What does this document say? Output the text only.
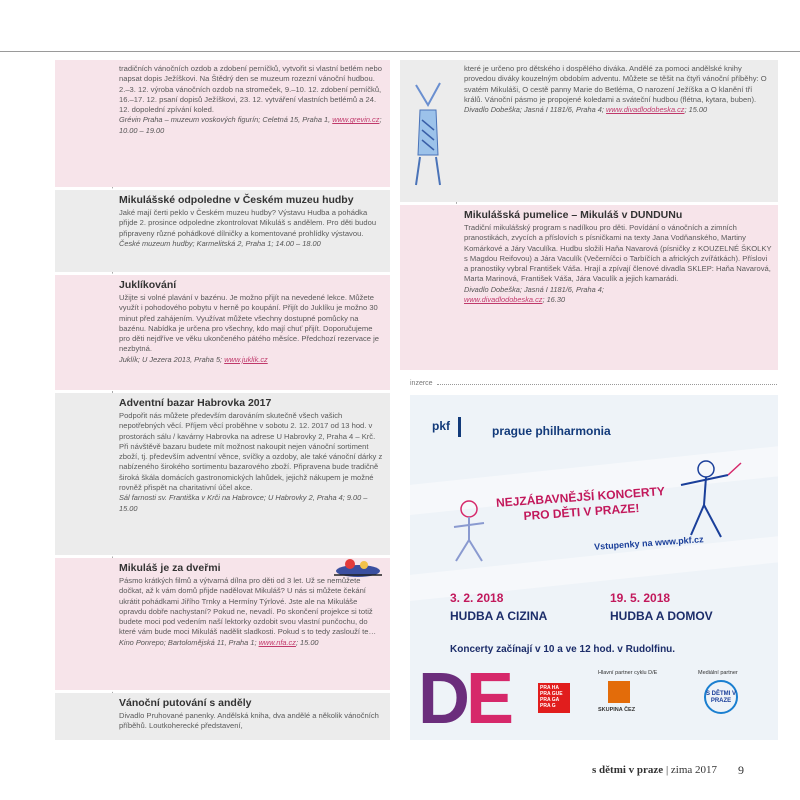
tradičních vánočních ozdob a zdobení perníčků, vytvořit si vlastní betlém nebo napsat dopis Ježíškovi. Na Štědrý den se muzeum rozezní vánoční hudbou. 2.–3. 12. výroba vánočních ozdob na stromeček, 9.–10. 12. zdobení perníčků, 16.–17. 12. psaní dopisů Ježíškovi, 23. 12. vytváření vlastních betlémů a 24. 12. dopolední zpívání koled.

Grévin Praha – muzeum voskových figurín; Celetná 15, Praha 1, www.grevin.cz; 10.00 – 19.00

Mikulášské odpoledne v Českém muzeu hudby

Jaké mají čerti peklo v Českém muzeu hudby? Výstavu Hudba a pohádka přijde 2. prosince odpoledne zkontrolovat Mikuláš s andělem. Pro děti budou připraveny různé pohádkové dílničky a komentované prohlídky výstavou.

České muzeum hudby; Karmelitská 2, Praha 1; 14.00 – 18.00

Juklíkování

Užijte si volné plavání v bazénu. Je možno přijít na nevedené lekce. Můžete využít i pohodového pobytu v herně po koupání. Přijít do Juklíku je možno 30 minut před zahájením. Využívat můžete všechny dostupné pomůcky na bazénu. Nabídka je určena pro všechny, kdo mají chuť přijít. Doporučujeme pro děti nejdříve ve věku ukončeného pátého měsíce. Předchozí rezervace je nezbytná.

Juklík; U Jezera 2013, Praha 5; www.juklik.cz

Adventní bazar Habrovka 2017

Podpořit nás můžete především darováním skutečně všech vašich nepotřebných věcí. Příjem věcí proběhne v sobotu 2. 12. 2017 od 13 hod. v prostorách sálu / kavárny Habrovka na adrese U Habrovky 2, Praha 4 – Krč. Při návštěvě bazaru budete mít možnost nakoupit nejen vánoční sortiment zboží, tj. především adventní věnce, svíčky a ozdoby, ale také vánoční dárky z nabízeného širokého sortimentu bazarového zboží. Připravena bude tradičně široká škála domácích gastronomických lahůdek, jejichž nákupem je možné rovněž přispět na charitativní účel akce.

Sál farnosti sv. Františka v Krči na Habrovce; U Habrovky 2, Praha 4; 9.00 – 15.00

Mikuláš je za dveřmi

Pásmo krátkých filmů a výtvarná dílna pro děti od 3 let. Už se nemůžete dočkat, až k vám domů přijde nadělovat Mikuláš? U nás si můžete čekání ukrátit pohádkami Jiřího Trnky a Hermíny Týrlové. Jste ale na Mikuláše opravdu dobře nachystaní? Pokud ne, nevadí. Po skončení projekce si totiž budete moci pod vedením naší lektorky ozdobit svou vlastní punčochu, do které vám bude moci Mikuláš nadělit sladkosti. Pokud s to tedy zaslouží te…

Kino Ponrepo; Bartolomějská 11, Praha 1; www.nfa.cz; 15.00

Vánoční putování s anděly

Divadlo Pruhované panenky. Andělská kniha, dva andělé a několik vánočních příběhů. Loutkoherecké představení,

které je určeno pro dětského i dospělého diváka. Andělé za pomoci andělské knihy provedou diváky kouzelným obdobím adventu. Můžete se těšit na čtyři vánoční příběhy: O svatém Mikuláši, O cestě panny Marie do Betléma, O narození Ježíška a O klanění tří králů. Vánoční pásmo je propojené koledami a sváteční hudbou (flétna, kytara, buben).

Divadlo Dobeška; Jasná I 1181/6, Praha 4; www.divadlodobeska.cz; 15.00

Mikulášská pumelice – Mikuláš v DUNDUNu

Tradiční mikulášský program s nadílkou pro děti. Povídání o vánočních a zimních pranostikách, zvycích a příslovích s písničkami na texty Jana Vodňanského, Martiny Komárkové a Járy Vaculíka. Hudbu složili Haňa Navarová (písničky z KOUZELNÉ ŠKOLKY s Magdou Reifovou) a Jára Vaculík (Večerníčci o Tarbíčích a afrických zvířátkách). Příslovi a pranostiky vybral František Váša. Hrají a zpívají členové divadla SKLEP: Haňa Navarová, Marta Marinová, František Váša, Jára Vaculík a jejich kamarádi.

Divadlo Dobeška; Jasná I 1181/6, Praha 4;
www.divadlodobeska.cz; 16.30

inzerce
pkf	prague philharmonia
NEJZÁBAVNĚJŠÍ KONCERTY PRO DĚTI V PRAZE!
Vstupenky na www.pkf.cz
3. 2. 2018
HUDBA A CIZINA
19. 5. 2018
HUDBA A DOMOV
Koncerty začínají v 10 a ve 12 hod. v Rudolfinu.
DE	Hlavní partner cyklu D/E	Mediální partner
PRA HA PRA GUE PRA GA PRA G
SKUPINA ČEZ
S DĚTMI V PRAZE
s dětmi v praze | zima 2017 9
